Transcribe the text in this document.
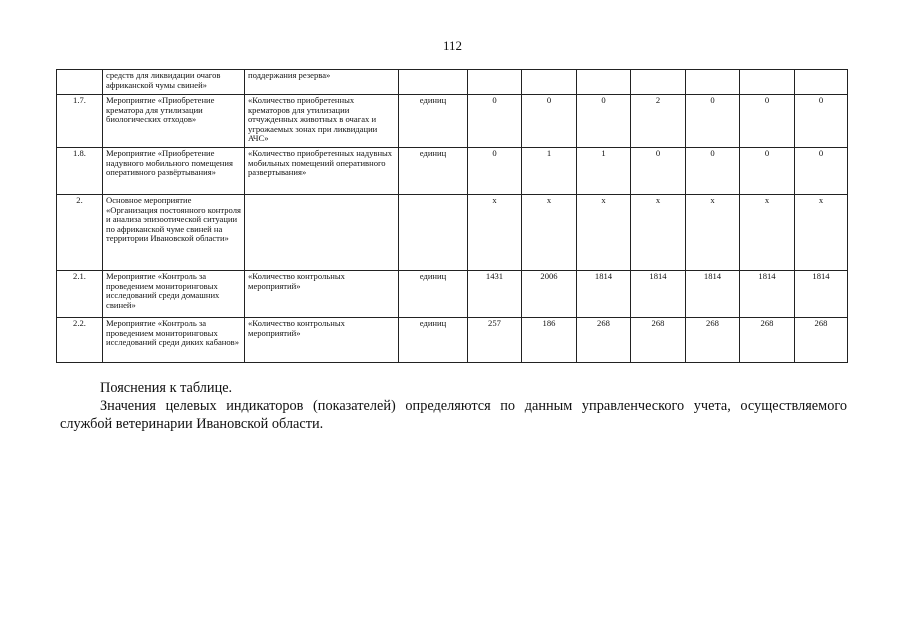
112
	средств для ликвидации очагов африканской чумы свиней»	поддержания резерва»								
1.7.	Мероприятие «Приобретение крематора для утилизации биологических отходов»	«Количество приобретенных крематоров для утилизации отчужденных животных в очагах и угрожаемых зонах при ликвидации АЧС»	единиц	0	0	0	2	0	0	0
1.8.	Мероприятие «Приобретение надувного мобильного помещения оперативного развёртывания»	«Количество приобретенных надувных мобильных помещений оперативного развертывания»	единиц	0	1	1	0	0	0	0
2.	Основное мероприятие «Организация постоянного контроля и анализа эпизоотической ситуации по африканской чуме свиней на территории Ивановской области»			х	х	х	х	х	х	х
2.1.	Мероприятие «Контроль за проведением мониторинговых исследований среди домашних свиней»	«Количество контрольных мероприятий»	единиц	1431	2006	1814	1814	1814	1814	1814
2.2.	Мероприятие «Контроль за проведением мониторинговых исследований среди диких кабанов»	«Количество контрольных мероприятий»	единиц	257	186	268	268	268	268	268

Пояснения к таблице.

Значения целевых индикаторов (показателей) определяются по данным управленческого учета, осуществляемого службой ветеринарии Ивановской области.
